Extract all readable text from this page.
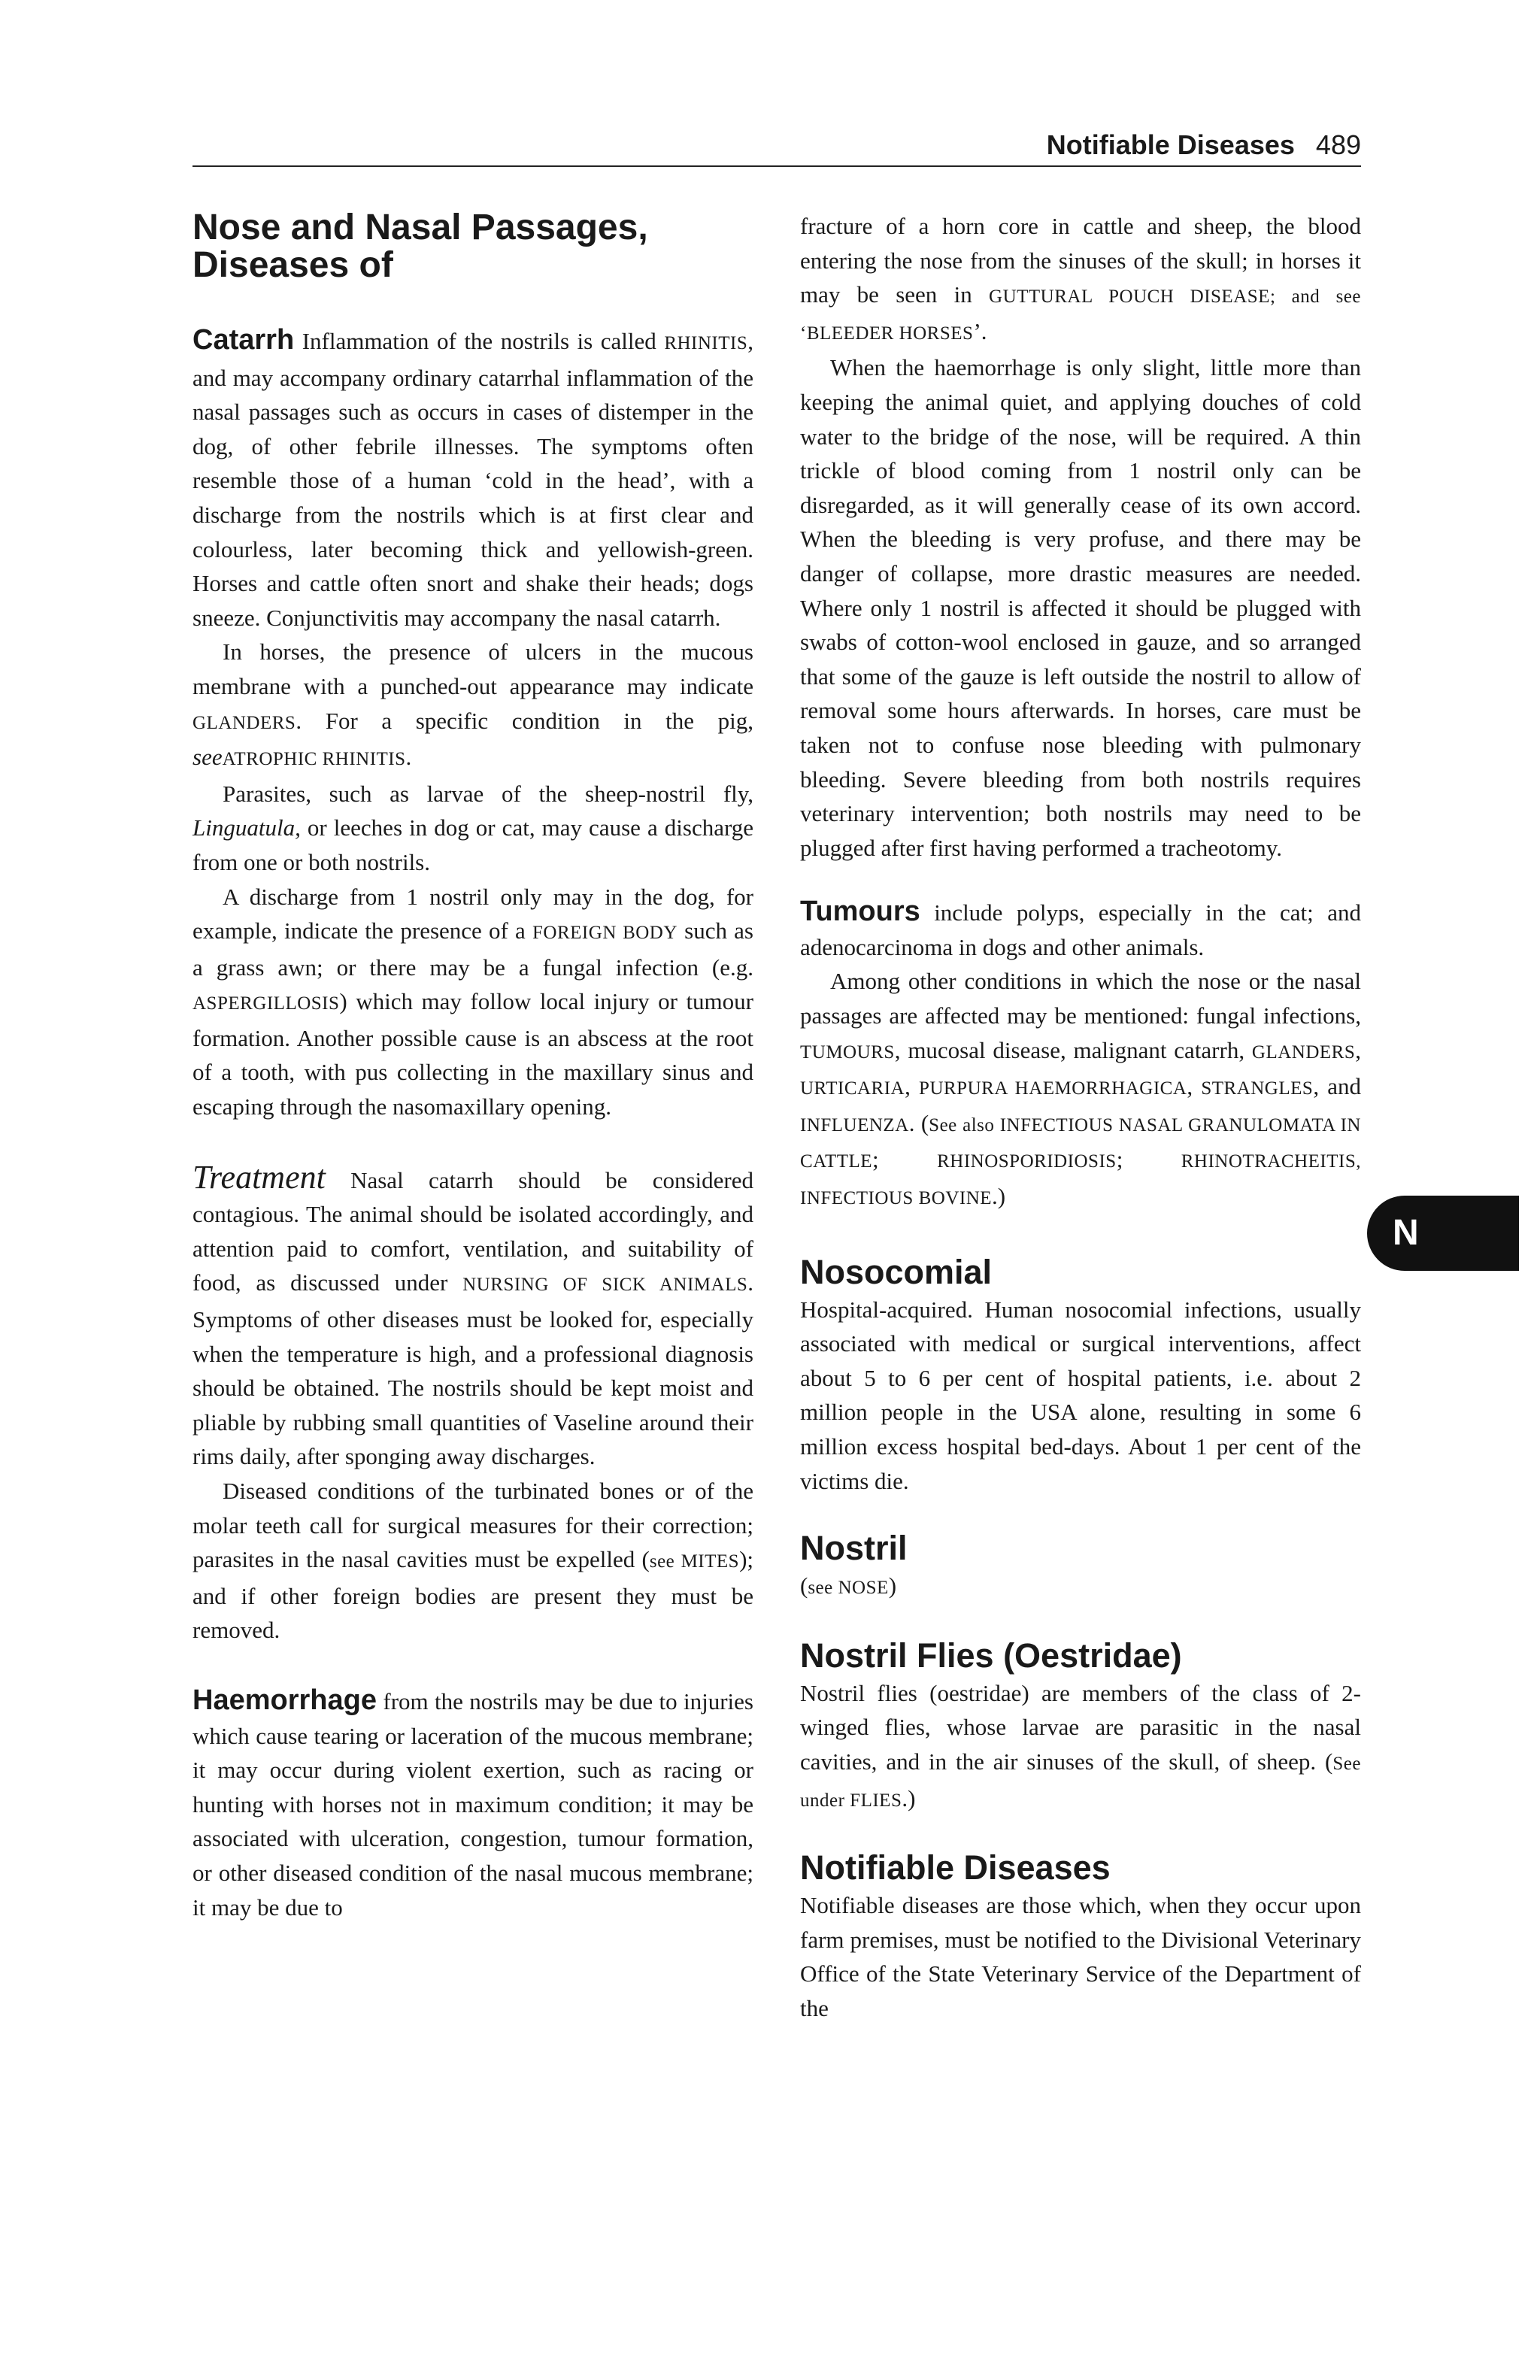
Notifiable Diseases 489
Nose and Nasal Passages, Diseases of

Catarrh Inflammation of the nostrils is called RHINITIS, and may accompany ordinary catarrhal inflammation of the nasal passages such as occurs in cases of distemper in the dog, of other febrile illnesses. The symptoms often resemble those of a human ‘cold in the head’, with a discharge from the nostrils which is at first clear and colourless, later becoming thick and yellowish-green. Horses and cattle often snort and shake their heads; dogs sneeze. Conjunctivitis may accompany the nasal catarrh.

In horses, the presence of ulcers in the mucous membrane with a punched-out appearance may indicate GLANDERS. For a specific condition in the pig, seeATROPHIC RHINITIS.

Parasites, such as larvae of the sheep-nostril fly, Linguatula, or leeches in dog or cat, may cause a discharge from one or both nostrils.

A discharge from 1 nostril only may in the dog, for example, indicate the presence of a FOREIGN BODY such as a grass awn; or there may be a fungal infection (e.g. ASPERGILLOSIS) which may follow local injury or tumour formation. Another possible cause is an abscess at the root of a tooth, with pus collecting in the maxillary sinus and escaping through the nasomaxillary opening.

Treatment Nasal catarrh should be considered contagious. The animal should be isolated accordingly, and attention paid to comfort, ventilation, and suitability of food, as discussed under NURSING OF SICK ANIMALS. Symptoms of other diseases must be looked for, especially when the temperature is high, and a professional diagnosis should be obtained. The nostrils should be kept moist and pliable by rubbing small quantities of Vaseline around their rims daily, after sponging away discharges.

Diseased conditions of the turbinated bones or of the molar teeth call for surgical measures for their correction; parasites in the nasal cavities must be expelled (see MITES); and if other foreign bodies are present they must be removed.

Haemorrhage from the nostrils may be due to injuries which cause tearing or laceration of the mucous membrane; it may occur during violent exertion, such as racing or hunting with horses not in maximum condition; it may be associated with ulceration, congestion, tumour formation, or other diseased condition of the nasal mucous membrane; it may be due to

fracture of a horn core in cattle and sheep, the blood entering the nose from the sinuses of the skull; in horses it may be seen in GUTTURAL POUCH DISEASE; and see ‘BLEEDER HORSES’.

When the haemorrhage is only slight, little more than keeping the animal quiet, and applying douches of cold water to the bridge of the nose, will be required. A thin trickle of blood coming from 1 nostril only can be disregarded, as it will generally cease of its own accord. When the bleeding is very profuse, and there may be danger of collapse, more drastic measures are needed. Where only 1 nostril is affected it should be plugged with swabs of cotton-wool enclosed in gauze, and so arranged that some of the gauze is left outside the nostril to allow of removal some hours afterwards. In horses, care must be taken not to confuse nose bleeding with pulmonary bleeding. Severe bleeding from both nostrils requires veterinary intervention; both nostrils may need to be plugged after first having performed a tracheotomy.

Tumours include polyps, especially in the cat; and adenocarcinoma in dogs and other animals.

Among other conditions in which the nose or the nasal passages are affected may be mentioned: fungal infections, TUMOURS, mucosal disease, malignant catarrh, GLANDERS, URTICARIA, PURPURA HAEMORRHAGICA, STRANGLES, and INFLUENZA. (See also INFECTIOUS NASAL GRANULOMATA IN CATTLE; RHINOSPORIDIOSIS; RHINOTRACHEITIS, INFECTIOUS BOVINE.)

Nosocomial

Hospital-acquired. Human nosocomial infections, usually associated with medical or surgical interventions, affect about 5 to 6 per cent of hospital patients, i.e. about 2 million people in the USA alone, resulting in some 6 million excess hospital bed-days. About 1 per cent of the victims die.

Nostril

(see NOSE)

Nostril Flies (Oestridae)

Nostril flies (oestridae) are members of the class of 2-winged flies, whose larvae are parasitic in the nasal cavities, and in the air sinuses of the skull, of sheep. (See under FLIES.)

Notifiable Diseases

Notifiable diseases are those which, when they occur upon farm premises, must be notified to the Divisional Veterinary Office of the State Veterinary Service of the Department of the

N
